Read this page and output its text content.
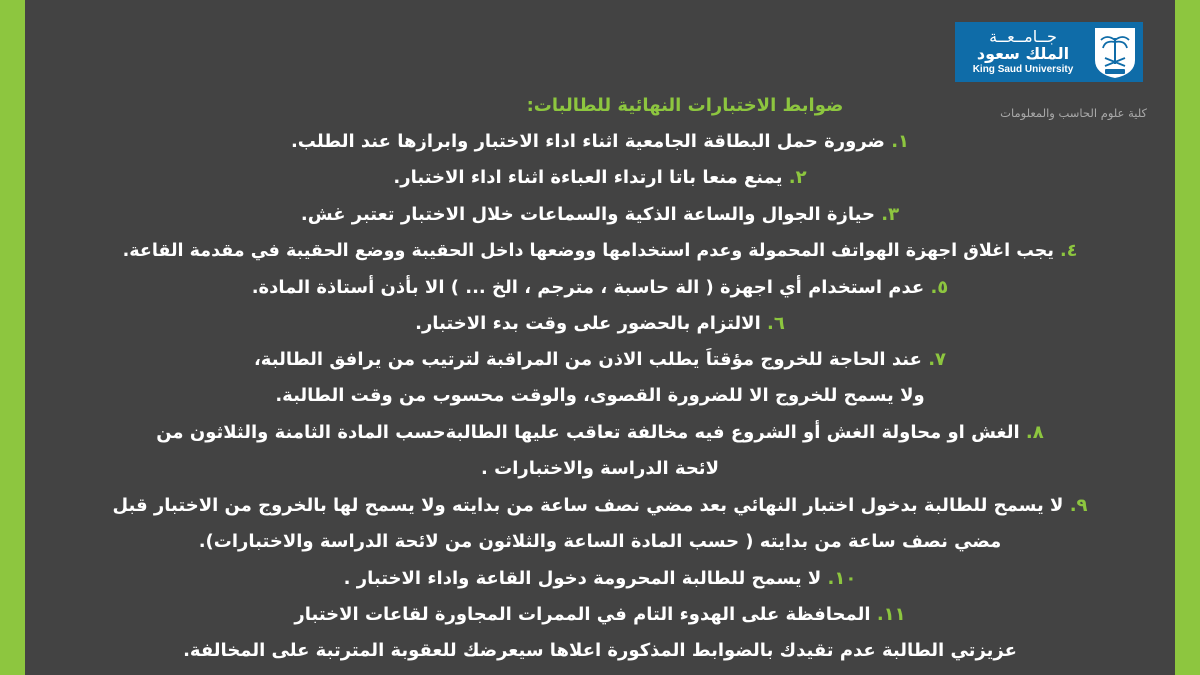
جــامــعــة
الملك سعود
King Saud University
كلية علوم الحاسب والمعلومات
ضوابط الاختبارات النهائية للطالبات:
١. ضرورة حمل البطاقة الجامعية اثناء اداء الاختبار وابرازها عند الطلب.
٢. يمنع منعا باتا ارتداء العباءة اثناء اداء الاختبار.
٣. حيازة الجوال والساعة الذكية والسماعات خلال الاختبار تعتبر غش.
٤. يجب اغلاق اجهزة الهواتف المحمولة وعدم استخدامها ووضعها داخل الحقيبة ووضع الحقيبة في مقدمة القاعة.
٥. عدم استخدام أي اجهزة ( الة حاسبة ، مترجم ، الخ ... ) الا بأذن أستاذة المادة.
٦. الالتزام بالحضور على وقت بدء الاختبار.
٧. عند الحاجة للخروج مؤقتاَ يطلب الاذن من المراقبة لترتيب من يرافق الطالبة،
ولا يسمح للخروج الا للضرورة القصوى، والوقت محسوب من وقت الطالبة.
٨. الغش او محاولة الغش أو الشروع فيه مخالفة تعاقب عليها الطالبةحسب المادة الثامنة والثلاثون من
لائحة الدراسة والاختبارات .
٩. لا يسمح للطالبة بدخول اختبار النهائي بعد مضي نصف ساعة من بدايته ولا يسمح لها بالخروج من الاختبار قبل
مضي نصف ساعة من بدايته ( حسب المادة الساعة والثلاثون من لائحة الدراسة والاختبارات).
١٠. لا يسمح للطالبة المحرومة دخول القاعة واداء الاختبار .
١١. المحافظة على الهدوء التام في الممرات المجاورة لقاعات الاختبار
عزيزتي الطالبة عدم تقيدك بالضوابط المذكورة اعلاها سيعرضك للعقوبة المترتبة على المخالفة.
